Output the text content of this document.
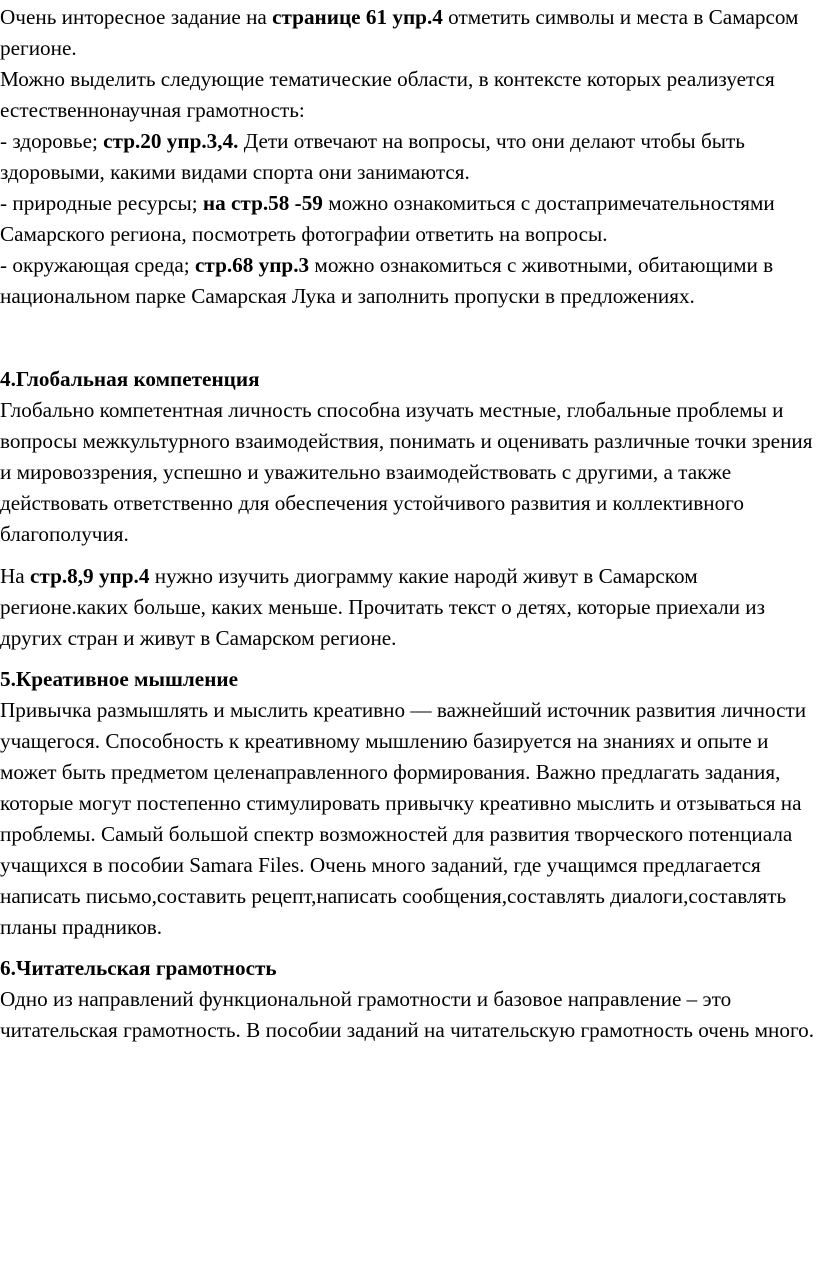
Очень инторесное задание на странице 61 упр.4 отметить символы и места в Самарсом регионе.

Можно выделить следующие тематические области, в контексте которых реализуется естественнонаучная грамотность:

- здоровье; стр.20 упр.3,4. Дети отвечают на вопросы, что они делают чтобы быть здоровыми, какими видами спорта они занимаются.

- природные ресурсы; на стр.58 -59 можно ознакомиться с достапримечательностями Самарского региона, посмотреть фотографии ответить на вопросы.

- окружающая среда; стр.68 упр.3 можно ознакомиться с животными, обитающими в национальном парке Самарская Лука и заполнить пропуски в предложениях.

4.Глобальная компетенция

Глобально компетентная личность способна изучать местные, глобальные проблемы и вопросы межкультурного взаимодействия, понимать и оценивать различные точки зрения и мировоззрения, успешно и уважительно взаимодействовать с другими, а также действовать ответственно для обеспечения устойчивого развития и коллективного благополучия.

На стр.8,9 упр.4 нужно изучить диограмму какие народй живут в Самарском регионе.каких больше, каких меньше. Прочитать текст о детях, которые приехали из других стран и живут в Самарском регионе.

5.Креативное мышление

Привычка размышлять и мыслить креативно — важнейший источник развития личности учащегося. Способность к креативному мышлению базируется на знаниях и опыте и может быть предметом целенаправленного формирования. Важно предлагать задания, которые могут постепенно стимулировать привычку креативно мыслить и отзываться на проблемы. Самый большой спектр возможностей для развития творческого потенциала учащихся в пособии Samara Files. Очень много заданий, где учащимся предлагается написать письмо,составить рецепт,написать сообщения,составлять диалоги,составлять планы прадников.

6.Читательская грамотность

Одно из направлений функциональной грамотности и базовое направление – это читательская грамотность. В пособии заданий на читательскую грамотность очень много.
